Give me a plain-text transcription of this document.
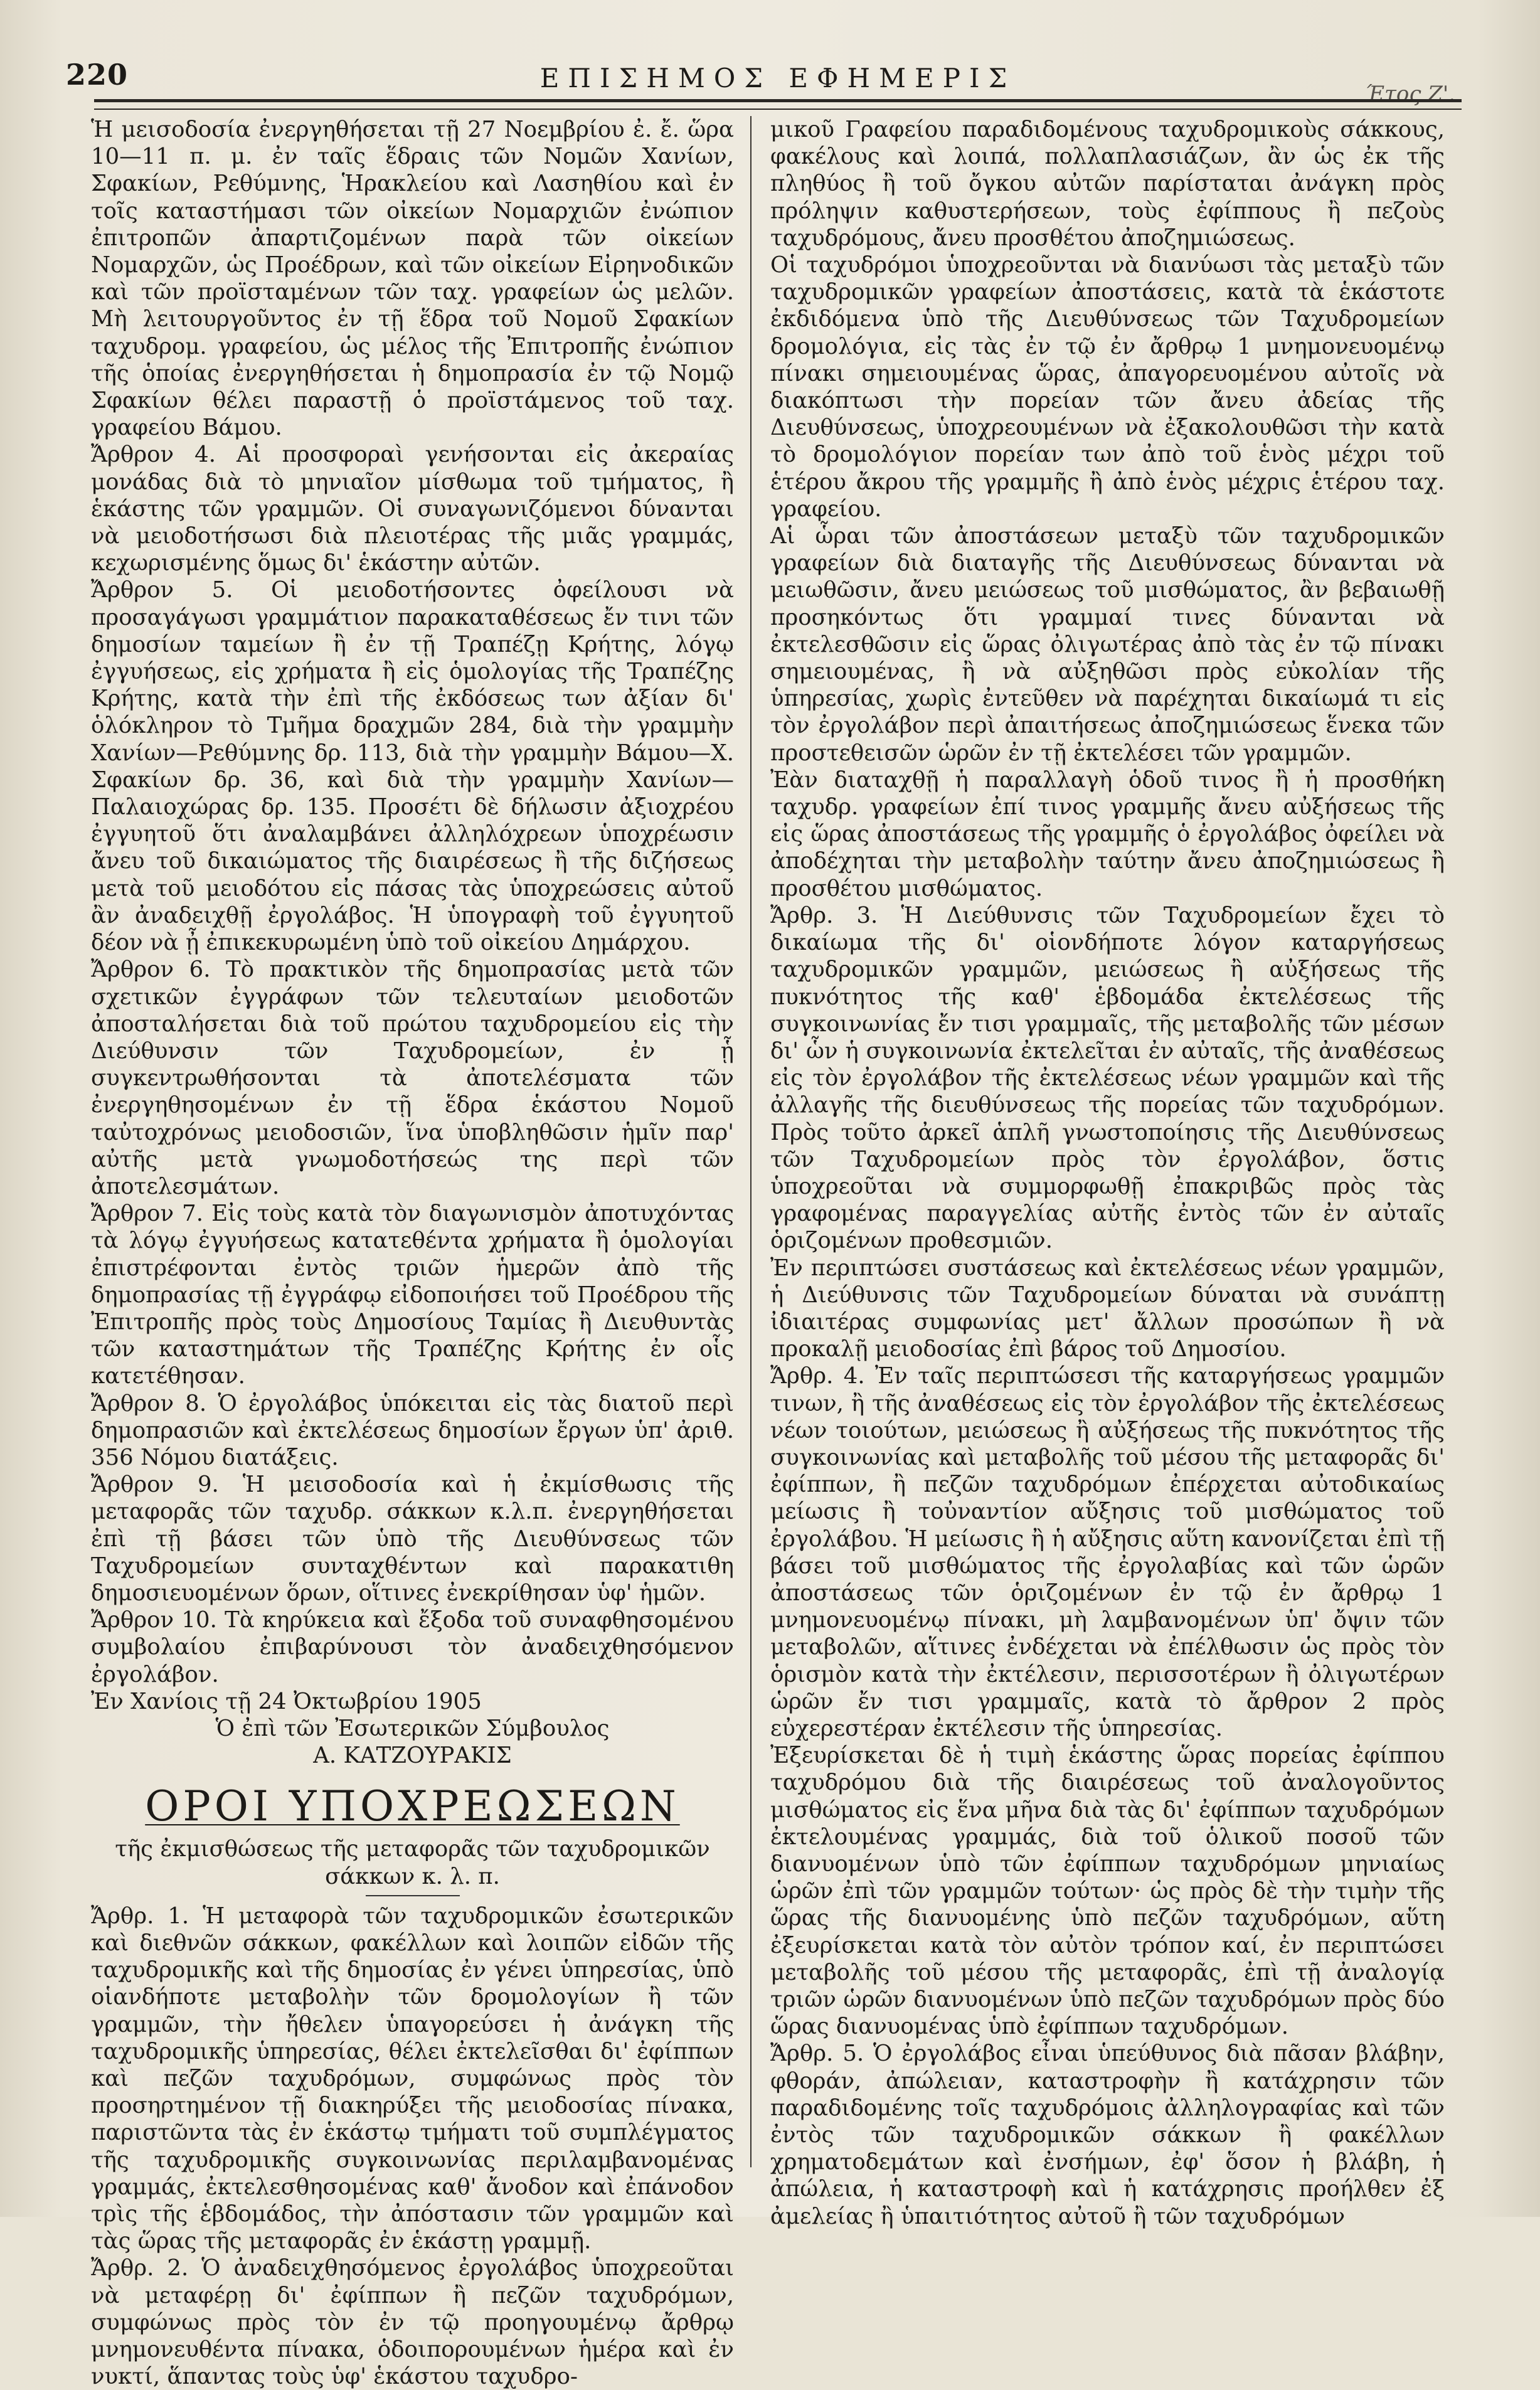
220	ΕΠΙΣΗΜΟΣ ΕΦΗΜΕΡΙΣ
Έτος Ζ'.

Ἡ μεισοδοσία ἐνεργηθήσεται τῇ 27 Νοεμβρίου ἐ. ἔ. ὥρα 10—11 π. μ. ἐν ταῖς ἕδραις τῶν Νομῶν Χανίων, Σφακίων, Ρεθύμνης, Ἡρακλείου καὶ Λασηθίου καὶ ἐν τοῖς καταστήμασι τῶν οἰκείων Νομαρχιῶν ἐνώπιον ἐπιτροπῶν ἀπαρτιζομένων παρὰ τῶν οἰκείων Νομαρχῶν, ὡς Προέδρων, καὶ τῶν οἰκείων Εἰρηνοδικῶν καὶ τῶν προϊσταμένων τῶν ταχ. γραφείων ὡς μελῶν. Μὴ λειτουργοῦντος ἐν τῇ ἕδρα τοῦ Νομοῦ Σφακίων ταχυδρομ. γραφείου, ὡς μέλος τῆς Ἐπιτροπῆς ἐνώπιον τῆς ὁποίας ἐνεργηθήσεται ἡ δημοπρασία ἐν τῷ Νομῷ Σφακίων θέλει παραστῇ ὁ προϊστάμενος τοῦ ταχ. γραφείου Βάμου.

Ἄρθρον 4. Αἱ προσφοραὶ γενήσονται εἰς ἀκεραίας μονάδας διὰ τὸ μηνιαῖον μίσθωμα τοῦ τμήματος, ἢ ἑκάστης τῶν γραμμῶν. Οἱ συναγωνιζόμενοι δύνανται νὰ μειοδοτήσωσι διὰ πλειοτέρας τῆς μιᾶς γραμμάς, κεχωρισμένης ὅμως δι' ἑκάστην αὐτῶν.

Ἄρθρον 5. Οἱ μειοδοτήσοντες ὀφείλουσι νὰ προσαγάγωσι γραμμάτιον παρακαταθέσεως ἔν τινι τῶν δημοσίων ταμείων ἢ ἐν τῇ Τραπέζῃ Κρήτης, λόγῳ ἐγγυήσεως, εἰς χρήματα ἢ εἰς ὁμολογίας τῆς Τραπέζης Κρήτης, κατὰ τὴν ἐπὶ τῆς ἐκδόσεως των ἀξίαν δι' ὁλόκληρον τὸ Τμῆμα δραχμῶν 284, διὰ τὴν γραμμὴν Χανίων—Ρεθύμνης δρ. 113, διὰ τὴν γραμμὴν Βάμου—Χ. Σφακίων δρ. 36, καὶ διὰ τὴν γραμμὴν Χανίων—Παλαιοχώρας δρ. 135. Προσέτι δὲ δήλωσιν ἀξιοχρέου ἐγγυητοῦ ὅτι ἀναλαμβάνει ἀλληλόχρεων ὑποχρέωσιν ἄνευ τοῦ δικαιώματος τῆς διαιρέσεως ἢ τῆς διζήσεως μετὰ τοῦ μειοδότου εἰς πάσας τὰς ὑποχρεώσεις αὐτοῦ ἂν ἀναδειχθῇ ἐργολάβος. Ἡ ὑπογραφὴ τοῦ ἐγγυητοῦ δέον νὰ ᾖ ἐπικεκυρωμένη ὑπὸ τοῦ οἰκείου Δημάρχου.

Ἄρθρον 6. Τὸ πρακτικὸν τῆς δημοπρασίας μετὰ τῶν σχετικῶν ἐγγράφων τῶν τελευταίων μειοδοτῶν ἀποσταλήσεται διὰ τοῦ πρώτου ταχυδρομείου εἰς τὴν Διεύθυνσιν τῶν Ταχυδρομείων, ἐν ᾗ συγκεντρωθήσονται τὰ ἀποτελέσματα τῶν ἐνεργηθησομένων ἐν τῇ ἕδρα ἑκάστου Νομοῦ ταὐτοχρόνως μειοδοσιῶν, ἵνα ὑποβληθῶσιν ἡμῖν παρ' αὐτῆς μετὰ γνωμοδοτήσεώς της περὶ τῶν ἀποτελεσμάτων.

Ἄρθρον 7. Εἰς τοὺς κατὰ τὸν διαγωνισμὸν ἀποτυχόντας τὰ λόγῳ ἐγγυήσεως κατατεθέντα χρήματα ἢ ὁμολογίαι ἐπιστρέφονται ἐντὸς τριῶν ἡμερῶν ἀπὸ τῆς δημοπρασίας τῇ ἐγγράφῳ εἰδοποιήσει τοῦ Προέδρου τῆς Ἐπιτροπῆς πρὸς τοὺς Δημοσίους Ταμίας ἢ Διευθυντὰς τῶν καταστημάτων τῆς Τραπέζης Κρήτης ἐν οἷς κατετέθησαν.

Ἄρθρον 8. Ὁ ἐργολάβος ὑπόκειται εἰς τὰς διατοῦ περὶ δημοπρασιῶν καὶ ἐκτελέσεως δημοσίων ἔργων ὑπ' ἀριθ. 356 Νόμου διατάξεις.

Ἄρθρον 9. Ἡ μεισοδοσία καὶ ἡ ἐκμίσθωσις τῆς μεταφορᾶς τῶν ταχυδρ. σάκκων κ.λ.π. ἐνεργηθήσεται ἐπὶ τῇ βάσει τῶν ὑπὸ τῆς Διευθύνσεως τῶν Ταχυδρομείων συνταχθέντων καὶ παρακατιθη δημοσιευομένων ὅρων, οἵτινες ἐνεκρίθησαν ὑφ' ἡμῶν.

Ἄρθρον 10. Τὰ κηρύκεια καὶ ἔξοδα τοῦ συναφθησομένου συμβολαίου ἐπιβαρύνουσι τὸν ἀναδειχθησόμενον ἐργολάβον.

Ἐν Χανίοις τῇ 24 Ὀκτωβρίου 1905

Ὁ ἐπὶ τῶν Ἐσωτερικῶν Σύμβουλος

Α. ΚΑΤΖΟΥΡΑΚΙΣ

ΟΡΟΙ ΥΠΟΧΡΕΩΣΕΩΝ

τῆς ἐκμισθώσεως τῆς μεταφορᾶς τῶν ταχυδρομικῶν σάκκων κ. λ. π.

Ἄρθρ. 1. Ἡ μεταφορὰ τῶν ταχυδρομικῶν ἐσωτερικῶν καὶ διεθνῶν σάκκων, φακέλλων καὶ λοιπῶν εἰδῶν τῆς ταχυδρομικῆς καὶ τῆς δημοσίας ἐν γένει ὑπηρεσίας, ὑπὸ οἱανδήποτε μεταβολὴν τῶν δρομολογίων ἢ τῶν γραμμῶν, τὴν ἤθελεν ὑπαγορεύσει ἡ ἀνάγκη τῆς ταχυδρομικῆς ὑπηρεσίας, θέλει ἐκτελεῖσθαι δι' ἐφίππων καὶ πεζῶν ταχυδρόμων, συμφώνως πρὸς τὸν προσηρτημένον τῇ διακηρύξει τῆς μειοδοσίας πίνακα, παριστῶντα τὰς ἐν ἑκάστῳ τμήματι τοῦ συμπλέγματος τῆς ταχυδρομικῆς συγκοινωνίας περιλαμβανομένας γραμμάς, ἐκτελεσθησομένας καθ' ἄνοδον καὶ ἐπάνοδον τρὶς τῆς ἑβδομάδος, τὴν ἀπόστασιν τῶν γραμμῶν καὶ τὰς ὥρας τῆς μεταφορᾶς ἐν ἑκάστῃ γραμμῇ.

Ἄρθρ. 2. Ὁ ἀναδειχθησόμενος ἐργολάβος ὑποχρεοῦται νὰ μεταφέρῃ δι' ἐφίππων ἢ πεζῶν ταχυδρόμων, συμφώνως πρὸς τὸν ἐν τῷ προηγουμένῳ ἄρθρῳ μνημονευθέντα πίνακα, ὁδοιπορουμένων ἡμέρα καὶ ἐν νυκτί, ἅπαντας τοὺς ὑφ' ἑκάστου ταχυδρο-

μικοῦ Γραφείου παραδιδομένους ταχυδρομικοὺς σάκκους, φακέλους καὶ λοιπά, πολλαπλασιάζων, ἂν ὡς ἐκ τῆς πληθύος ἢ τοῦ ὄγκου αὐτῶν παρίσταται ἀνάγκη πρὸς πρόληψιν καθυστερήσεων, τοὺς ἐφίππους ἢ πεζοὺς ταχυδρόμους, ἄνευ προσθέτου ἀποζημιώσεως.

Οἱ ταχυδρόμοι ὑποχρεοῦνται νὰ διανύωσι τὰς μεταξὺ τῶν ταχυδρομικῶν γραφείων ἀποστάσεις, κατὰ τὰ ἑκάστοτε ἐκδιδόμενα ὑπὸ τῆς Διευθύνσεως τῶν Ταχυδρομείων δρομολόγια, εἰς τὰς ἐν τῷ ἐν ἄρθρῳ 1 μνημονευομένῳ πίνακι σημειουμένας ὥρας, ἀπαγορευομένου αὐτοῖς νὰ διακόπτωσι τὴν πορείαν τῶν ἄνευ ἀδείας τῆς Διευθύνσεως, ὑποχρεουμένων νὰ ἐξακολουθῶσι τὴν κατὰ τὸ δρομολόγιον πορείαν των ἀπὸ τοῦ ἑνὸς μέχρι τοῦ ἑτέρου ἄκρου τῆς γραμμῆς ἢ ἀπὸ ἑνὸς μέχρις ἑτέρου ταχ. γραφείου.

Αἱ ὧραι τῶν ἀποστάσεων μεταξὺ τῶν ταχυδρομικῶν γραφείων διὰ διαταγῆς τῆς Διευθύνσεως δύνανται νὰ μειωθῶσιν, ἄνευ μειώσεως τοῦ μισθώματος, ἂν βεβαιωθῇ προσηκόντως ὅτι γραμμαί τινες δύνανται νὰ ἐκτελεσθῶσιν εἰς ὥρας ὀλιγωτέρας ἀπὸ τὰς ἐν τῷ πίνακι σημειουμένας, ἢ νὰ αὐξηθῶσι πρὸς εὐκολίαν τῆς ὑπηρεσίας, χωρὶς ἐντεῦθεν νὰ παρέχηται δικαίωμά τι εἰς τὸν ἐργολάβον περὶ ἀπαιτήσεως ἀποζημιώσεως ἕνεκα τῶν προστεθεισῶν ὡρῶν ἐν τῇ ἐκτελέσει τῶν γραμμῶν.

Ἐὰν διαταχθῇ ἡ παραλλαγὴ ὁδοῦ τινος ἢ ἡ προσθήκη ταχυδρ. γραφείων ἐπί τινος γραμμῆς ἄνευ αὐξήσεως τῆς εἰς ὥρας ἀποστάσεως τῆς γραμμῆς ὁ ἐργολάβος ὀφείλει νὰ ἀποδέχηται τὴν μεταβολὴν ταύτην ἄνευ ἀποζημιώσεως ἢ προσθέτου μισθώματος.

Ἄρθρ. 3. Ἡ Διεύθυνσις τῶν Ταχυδρομείων ἔχει τὸ δικαίωμα τῆς δι' οἱονδήποτε λόγον καταργήσεως ταχυδρομικῶν γραμμῶν, μειώσεως ἢ αὐξήσεως τῆς πυκνότητος τῆς καθ' ἑβδομάδα ἐκτελέσεως τῆς συγκοινωνίας ἔν τισι γραμμαῖς, τῆς μεταβολῆς τῶν μέσων δι' ὧν ἡ συγκοινωνία ἐκτελεῖται ἐν αὐταῖς, τῆς ἀναθέσεως εἰς τὸν ἐργολάβον τῆς ἐκτελέσεως νέων γραμμῶν καὶ τῆς ἀλλαγῆς τῆς διευθύνσεως τῆς πορείας τῶν ταχυδρόμων. Πρὸς τοῦτο ἀρκεῖ ἁπλῆ γνωστοποίησις τῆς Διευθύνσεως τῶν Ταχυδρομείων πρὸς τὸν ἐργολάβον, ὅστις ὑποχρεοῦται νὰ συμμορφωθῇ ἐπακριβῶς πρὸς τὰς γραφομένας παραγγελίας αὐτῆς ἐντὸς τῶν ἐν αὐταῖς ὁριζομένων προθεσμιῶν.

Ἐν περιπτώσει συστάσεως καὶ ἐκτελέσεως νέων γραμμῶν, ἡ Διεύθυνσις τῶν Ταχυδρομείων δύναται νὰ συνάπτῃ ἰδιαιτέρας συμφωνίας μετ' ἄλλων προσώπων ἢ νὰ προκαλῇ μειοδοσίας ἐπὶ βάρος τοῦ Δημοσίου.

Ἄρθρ. 4. Ἐν ταῖς περιπτώσεσι τῆς καταργήσεως γραμμῶν τινων, ἢ τῆς ἀναθέσεως εἰς τὸν ἐργολάβον τῆς ἐκτελέσεως νέων τοιούτων, μειώσεως ἢ αὐξήσεως τῆς πυκνότητος τῆς συγκοινωνίας καὶ μεταβολῆς τοῦ μέσου τῆς μεταφορᾶς δι' ἐφίππων, ἢ πεζῶν ταχυδρόμων ἐπέρχεται αὐτοδικαίως μείωσις ἢ τοὐναντίον αὔξησις τοῦ μισθώματος τοῦ ἐργολάβου. Ἡ μείωσις ἢ ἡ αὔξησις αὕτη κανονίζεται ἐπὶ τῇ βάσει τοῦ μισθώματος τῆς ἐργολαβίας καὶ τῶν ὡρῶν ἀποστάσεως τῶν ὁριζομένων ἐν τῷ ἐν ἄρθρῳ 1 μνημονευομένῳ πίνακι, μὴ λαμβανομένων ὑπ' ὄψιν τῶν μεταβολῶν, αἵτινες ἐνδέχεται νὰ ἐπέλθωσιν ὡς πρὸς τὸν ὁρισμὸν κατὰ τὴν ἐκτέλεσιν, περισσοτέρων ἢ ὀλιγωτέρων ὡρῶν ἔν τισι γραμμαῖς, κατὰ τὸ ἄρθρον 2 πρὸς εὐχερεστέραν ἐκτέλεσιν τῆς ὑπηρεσίας.

Ἐξευρίσκεται δὲ ἡ τιμὴ ἑκάστης ὥρας πορείας ἐφίππου ταχυδρόμου διὰ τῆς διαιρέσεως τοῦ ἀναλογοῦντος μισθώματος εἰς ἕνα μῆνα διὰ τὰς δι' ἐφίππων ταχυδρόμων ἐκτελουμένας γραμμάς, διὰ τοῦ ὁλικοῦ ποσοῦ τῶν διανυομένων ὑπὸ τῶν ἐφίππων ταχυδρόμων μηνιαίως ὡρῶν ἐπὶ τῶν γραμμῶν τούτων· ὡς πρὸς δὲ τὴν τιμὴν τῆς ὥρας τῆς διανυομένης ὑπὸ πεζῶν ταχυδρόμων, αὕτη ἐξευρίσκεται κατὰ τὸν αὐτὸν τρόπον καί, ἐν περιπτώσει μεταβολῆς τοῦ μέσου τῆς μεταφορᾶς, ἐπὶ τῇ ἀναλογίᾳ τριῶν ὡρῶν διανυομένων ὑπὸ πεζῶν ταχυδρόμων πρὸς δύο ὥρας διανυομένας ὑπὸ ἐφίππων ταχυδρόμων.

Ἄρθρ. 5. Ὁ ἐργολάβος εἶναι ὑπεύθυνος διὰ πᾶσαν βλάβην, φθοράν, ἀπώλειαν, καταστροφὴν ἢ κατάχρησιν τῶν παραδιδομένης τοῖς ταχυδρόμοις ἀλληλογραφίας καὶ τῶν ἐντὸς τῶν ταχυδρομικῶν σάκκων ἢ φακέλλων χρηματοδεμάτων καὶ ἐνσήμων, ἐφ' ὅσον ἡ βλάβη, ἡ ἀπώλεια, ἡ καταστροφὴ καὶ ἡ κατάχρησις προήλθεν ἐξ ἀμελείας ἢ ὑπαιτιότητος αὐτοῦ ἢ τῶν ταχυδρόμων
